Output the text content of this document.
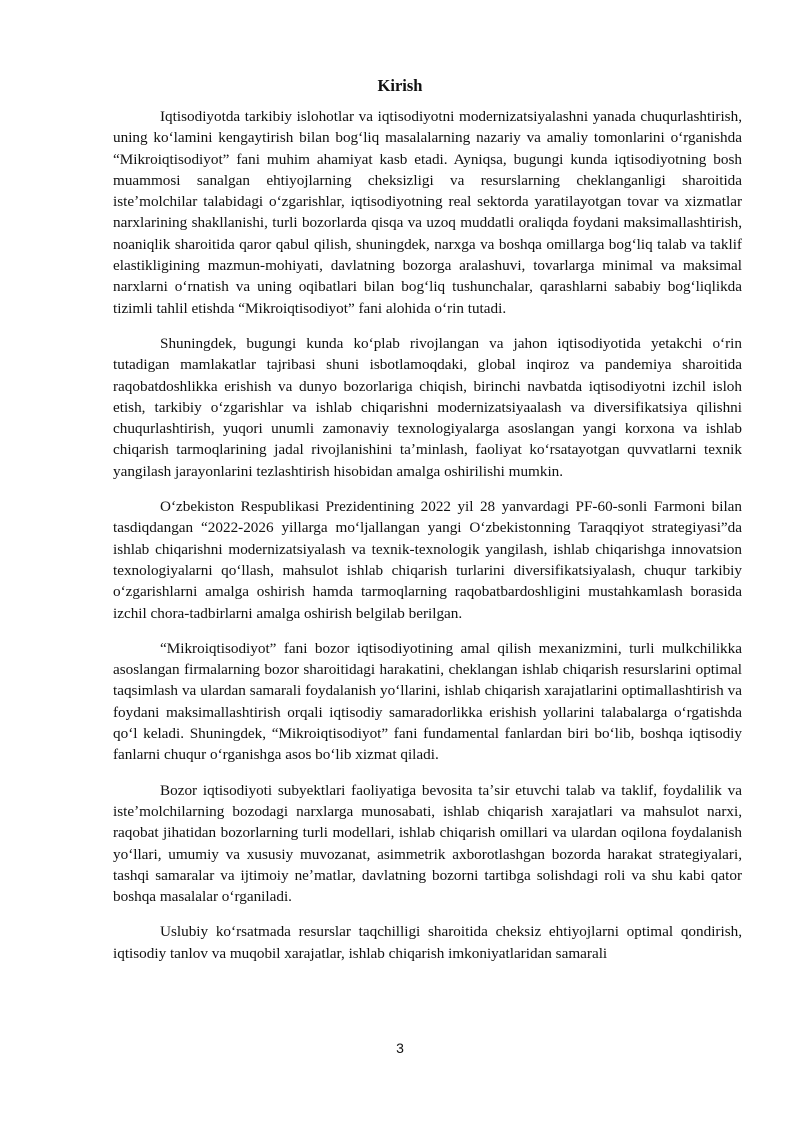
Kirish

Iqtisodiyotda tarkibiy islohotlar va iqtisodiyotni modernizatsiyalashni yanada chuqurlashtirish, uning koʻlamini kengaytirish bilan bogʻliq masalalarning nazariy va amaliy tomonlarini oʻrganishda “Mikroiqtisodiyot” fani muhim ahamiyat kasb etadi. Ayniqsa, bugungi kunda iqtisodiyotning bosh muammosi sanalgan ehtiyojlarning cheksizligi va resurslarning cheklanganligi sharoitida isteʼmolchilar talabidagi oʻzgarishlar, iqtisodiyotning real sektorda yaratilayotgan tovar va xizmatlar narxlarining shakllanishi, turli bozorlarda qisqa va uzoq muddatli oraliqda foydani maksimallashtirish, noaniqlik sharoitida qaror qabul qilish, shuningdek, narxga va boshqa omillarga bogʻliq talab va taklif elastikligining mazmun-mohiyati, davlatning bozorga aralashuvi, tovarlarga minimal va maksimal narxlarni oʻrnatish va uning oqibatlari bilan bogʻliq tushunchalar, qarashlarni sababiy bogʻliqlikda tizimli tahlil etishda “Mikroiqtisodiyot” fani alohida oʻrin tutadi.

Shuningdek, bugungi kunda koʻplab rivojlangan va jahon iqtisodiyotida yetakchi oʻrin tutadigan mamlakatlar tajribasi shuni isbotlamoqdaki, global inqiroz va pandemiya sharoitida raqobatdoshlikka erishish va dunyo bozorlariga chiqish, birinchi navbatda iqtisodiyotni izchil isloh etish, tarkibiy oʻzgarishlar va ishlab chiqarishni modernizatsiyaalash va diversifikatsiya qilishni chuqurlashtirish, yuqori unumli zamonaviy texnologiyalarga asoslangan yangi korxona va ishlab chiqarish tarmoqlarining jadal rivojlanishini taʼminlash, faoliyat koʻrsatayotgan quvvatlarni texnik yangilash jarayonlarini tezlashtirish hisobidan amalga oshirilishi mumkin.

Oʻzbekiston Respublikasi Prezidentining 2022 yil 28 yanvardagi PF-60-sonli Farmoni bilan tasdiqdangan “2022-2026 yillarga moʻljallangan yangi Oʻzbekistonning Taraqqiyot strategiyasi”da ishlab chiqarishni modernizatsiyalash va texnik-texnologik yangilash, ishlab chiqarishga innovatsion texnologiyalarni qoʻllash, mahsulot ishlab chiqarish turlarini diversifikatsiyalash, chuqur tarkibiy oʻzgarishlarni amalga oshirish hamda tarmoqlarning raqobatbardoshligini mustahkamlash borasida izchil chora-tadbirlarni amalga oshirish belgilab berilgan.

“Mikroiqtisodiyot” fani bozor iqtisodiyotining amal qilish mexanizmini, turli mulkchilikka asoslangan firmalarning bozor sharoitidagi harakatini, cheklangan ishlab chiqarish resurslarini optimal taqsimlash va ulardan samarali foydalanish yoʻllarini, ishlab chiqarish xarajatlarini optimallashtirish va foydani maksimallashtirish orqali iqtisodiy samaradorlikka erishish yollarini talabalarga oʻrgatishda qoʻl keladi. Shuningdek, “Mikroiqtisodiyot” fani fundamental fanlardan biri boʻlib, boshqa iqtisodiy fanlarni chuqur oʻrganishga asos boʻlib xizmat qiladi.

Bozor iqtisodiyoti subyektlari faoliyatiga bevosita taʼsir etuvchi talab va taklif, foydalilik va isteʼmolchilarning bozodagi narxlarga munosabati, ishlab chiqarish xarajatlari va mahsulot narxi, raqobat jihatidan bozorlarning turli modellari, ishlab chiqarish omillari va ulardan oqilona foydalanish yoʻllari, umumiy va xususiy muvozanat, asimmetrik axborotlashgan bozorda harakat strategiyalari, tashqi samaralar va ijtimoiy neʼmatlar, davlatning bozorni tartibga solishdagi roli va shu kabi qator boshqa masalalar oʻrganiladi.

Uslubiy koʻrsatmada resurslar taqchilligi sharoitida cheksiz ehtiyojlarni optimal qondirish, iqtisodiy tanlov va muqobil xarajatlar, ishlab chiqarish imkoniyatlaridan samarali

3
